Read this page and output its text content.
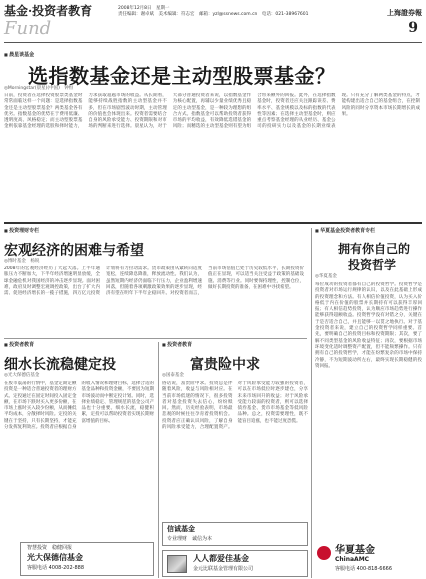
基金·投资者教育
Fund
2008年12月8日　星期一
责任编辑：谢卓斌　美术编辑：符志宏　邮箱：yzl@ssnews.com.cn　电话：021-38967601	上海證券報
9
■ 晨星谈基金
选指数基金还是主动型股票基金？
◎Morningstar(晨星)(中国)　钟恒
日前，投资者在选择投资股票类基金时常常面临这样一个问题：是选择指数基金还是主动型股票基金？两类基金各有优劣。指数基金的优势在于费用低廉、透明度高、风格稳定；而主动型股票基金则依靠基金经理的选股和择时能力，力求获取超越市场的收益。从长期看，能够持续战胜指数的主动型基金并不多，但在市场剧烈波动时期，主动管理的价值也会体现出来。投资者需要结合自身的风险承受能力、投资期限和对市场的判断来进行选择。晨星认为，对于大部分普通投资者来说，以指数基金作为核心配置，再辅以少量业绩优秀且稳定的主动型基金，是一种较为理想的组合方式。指数基金可以帮助投资者获得市场的平均收益，有效降低选错基金的风险；而精选的主动型基金则有望为组合带来额外的回报。此外，在选择指数基金时，投资者还应关注跟踪误差、费率水平、基金规模以及标的指数的代表性等因素；在选择主动型基金时，则应重点考察基金经理的从业经历、基金公司的投研实力以及基金的长期业绩表现。只有充分了解两类基金的特点，才能构建出适合自己的基金组合，在控制风险的同时分享资本市场长期增长的成果。
■ 投资理财专栏
宏观经济的困难与希望
◎博时基金　杨锐
2008年的宏观经济经历了大起大落。上半年通胀压力不断加大，下半年经济增速明显放缓，全球金融危机对我国经济的冲击逐步显现。面对困难，政府及时调整宏观调控政策，出台了扩大内需、促进经济增长的一揽子措施，四万亿元投资计划将有力拉动需求。货币政策由从紧转向适度宽松，连续降息降准，释放流动性。我们认为，虽然短期内经济仍面临下行压力，企业盈利增速回落，但随着各项刺激政策效果的逐步显现，经济有望在明年下半年企稳回升。对投资者而言，当前市场估值已处于历史较低水平，长期投资价值正在显现，可以适当关注受益于政策的基础设施、消费等行业。同时要保持理性，控制仓位，做好长期投资的准备，在困难中寻找希望。
■ 投资者教育
细水长流稳健定投
◎光大保德信基金
在股市震荡的行情中，基金定期定额投资是一种适合普通投资者的理财方式。定投通过在固定时间投入固定金额，在市场下跌时买入更多份额，在市场上涨时买入较少份额，从而摊低平均成本，分散择时风险。定投的关键在于坚持，只有长期坚持，才能充分发挥复利效应。投资者应根据自身的收入情况和理财目标，选择合适的基金品种和投资金额，不要因为短期市场波动而中断定投计划。同时，选择业绩稳定、管理规范的基金公司产品也十分重要。细水长流，稳健积累，定投可以帮助投资者实现长期财富增值的目标。
智慧投资　稳健回报
光大保德信基金
客服电话 4008-202-888
■ 投资者教育
富贵险中求
◎国泰基金
俗话说，富贵险中求。投资总是伴随着风险，收益与风险相对应。在当前市场低迷的情况下，很多投资者对基金投资失去信心，纷纷赎回。然而，历史经验表明，市场最悲观的时候往往孕育着投资机会。投资者应正确认识风险，了解自身的风险承受能力，合理配置资产。对于风险承受能力较强的投资者，可以在市场低位时逐步建仓，分享未来市场回升的收益；对于风险承受能力较弱的投资者，则可以选择债券基金、货币市场基金等低风险品种。总之，投资需要理性，既不能盲目追涨，也不能过度恐慌。
信诚基金
专业理财　诚信为本
人人都爱佳基金
金元比联基金管理有限公司
■ 华夏基金投资者教育专栏
拥有你自己的
投资哲学
◎华夏基金
每位成功的投资者都有自己的投资哲学。投资哲学是投资者对市场运行规律的认识，以及在此基础上形成的投资理念和方法。有人相信价值投资，认为买入价格低于内在价值的股票并长期持有可以获得丰厚回报；有人相信趋势投资，认为顺应市场趋势进行操作能够获得超额收益。投资哲学没有对错之分，关键在于是否适合自己，并且能够一以贯之地执行。对于基金投资者来说，建立自己的投资哲学同样重要。首先，要明确自己的投资目标和投资期限；其次，要了解不同类型基金的风险收益特征；再次，要根据市场环境变化适时调整资产配置，但不能频繁操作。只有拥有自己的投资哲学，才能在纷繁复杂的市场中保持冷静，不为短期波动所左右，最终实现长期稳健的投资回报。
华夏基金
ChinaAMC
客服电话 400-818-6666
